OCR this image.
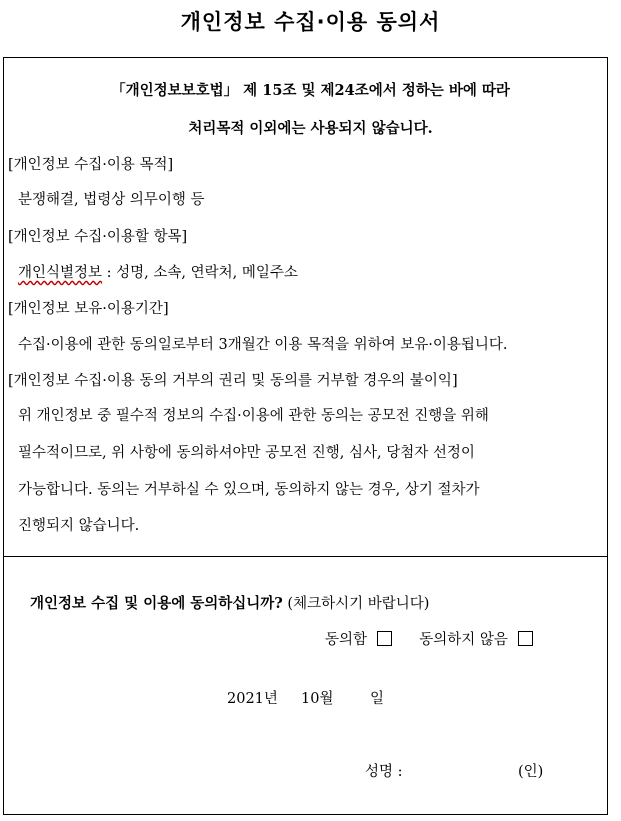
개인정보 수집·이용 동의서
「개인정보보호법」 제 15조 및 제24조에서 정하는 바에 따라
처리목적 이외에는 사용되지 않습니다.
[개인정보 수집·이용 목적]
분쟁해결, 법령상 의무이행 등
[개인정보 수집·이용할 항목]
개인식별정보 : 성명, 소속, 연락처, 메일주소
[개인정보 보유·이용기간]
수집·이용에 관한 동의일로부터 3개월간 이용 목적을 위하여 보유·이용됩니다.
[개인정보 수집·이용 동의 거부의 권리 및 동의를 거부할 경우의 불이익]
위 개인정보 중 필수적 정보의 수집·이용에 관한 동의는 공모전 진행을 위해
필수적이므로, 위 사항에 동의하셔야만 공모전 진행, 심사, 당첨자 선정이
가능합니다. 동의는 거부하실 수 있으며, 동의하지 않는 경우, 상기 절차가
진행되지 않습니다.
개인정보 수집 및 이용에 동의하십니까? (체크하시기 바랍니다)
동의함	동의하지 않음
2021년 10월	일
성명 :	(인)
